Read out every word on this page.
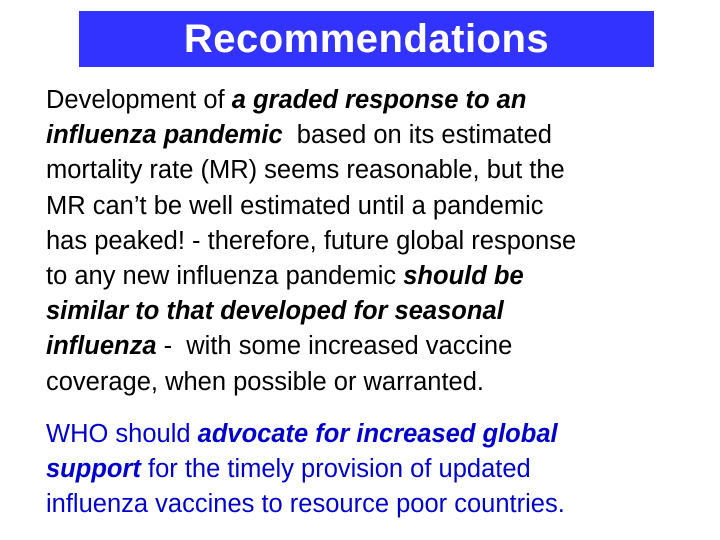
Recommendations

Development of a graded response to an
influenza pandemic  based on its estimated
mortality rate (MR) seems reasonable, but the
MR can’t be well estimated until a pandemic
has peaked! - therefore, future global response
to any new influenza pandemic should be
similar to that developed for seasonal
influenza -  with some increased vaccine
coverage, when possible or warranted.

WHO should advocate for increased global
support for the timely provision of updated
influenza vaccines to resource poor countries.
